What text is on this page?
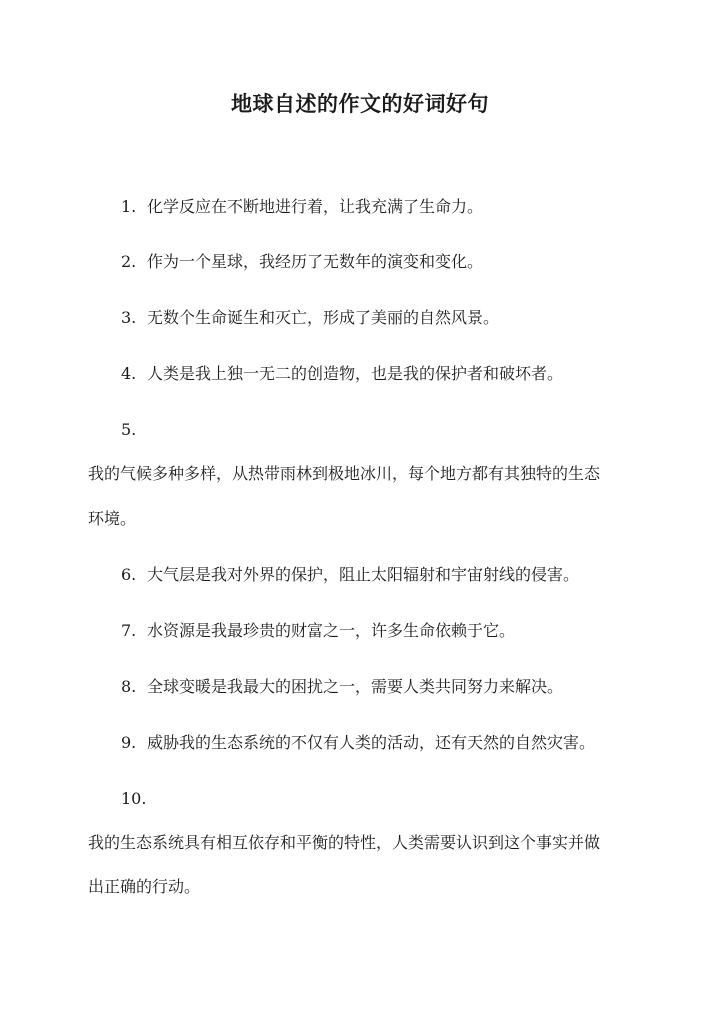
地球自述的作文的好词好句
1. 化学反应在不断地进行着，让我充满了生命力。
2. 作为一个星球，我经历了无数年的演变和变化。
3. 无数个生命诞生和灭亡，形成了美丽的自然风景。
4. 人类是我上独一无二的创造物，也是我的保护者和破坏者。
5.
我的气候多种多样，从热带雨林到极地冰川，每个地方都有其独特的生态
环境。
6. 大气层是我对外界的保护，阻止太阳辐射和宇宙射线的侵害。
7. 水资源是我最珍贵的财富之一，许多生命依赖于它。
8. 全球变暖是我最大的困扰之一，需要人类共同努力来解决。
9. 威胁我的生态系统的不仅有人类的活动，还有天然的自然灾害。
10.
我的生态系统具有相互依存和平衡的特性，人类需要认识到这个事实并做
出正确的行动。
